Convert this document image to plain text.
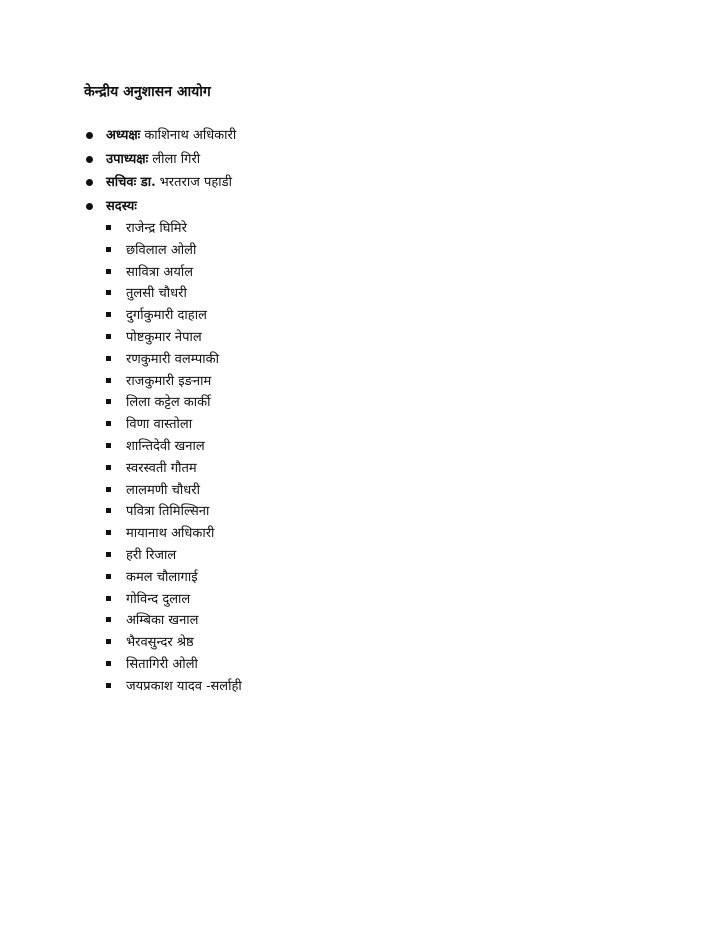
केन्द्रीय अनुशासन आयोग
अध्यक्षः काशिनाथ अधिकारी
उपाध्यक्षः लीला गिरी
सचिवः डा. भरतराज पहाडी
सदस्यः
राजेन्द्र घिमिरे
छविलाल ओली
सावित्रा अर्याल
तुलसी चौधरी
दुर्गाकुमारी दाहाल
पोष्टकुमार नेपाल
रणकुमारी वलम्पाकी
राजकुमारी इङनाम
लिला कट्टेल कार्की
विणा वास्तोला
शान्तिदेवी खनाल
स्वरस्वती गौतम
लालमणी चौधरी
पवित्रा तिमिल्सिना
मायानाथ अधिकारी
हरी रिजाल
कमल चौलागाई
गोविन्द दुलाल
अम्बिका खनाल
भैरवसुन्दर श्रेष्ठ
सितागिरी ओली
जयप्रकाश यादव -सर्लाही
